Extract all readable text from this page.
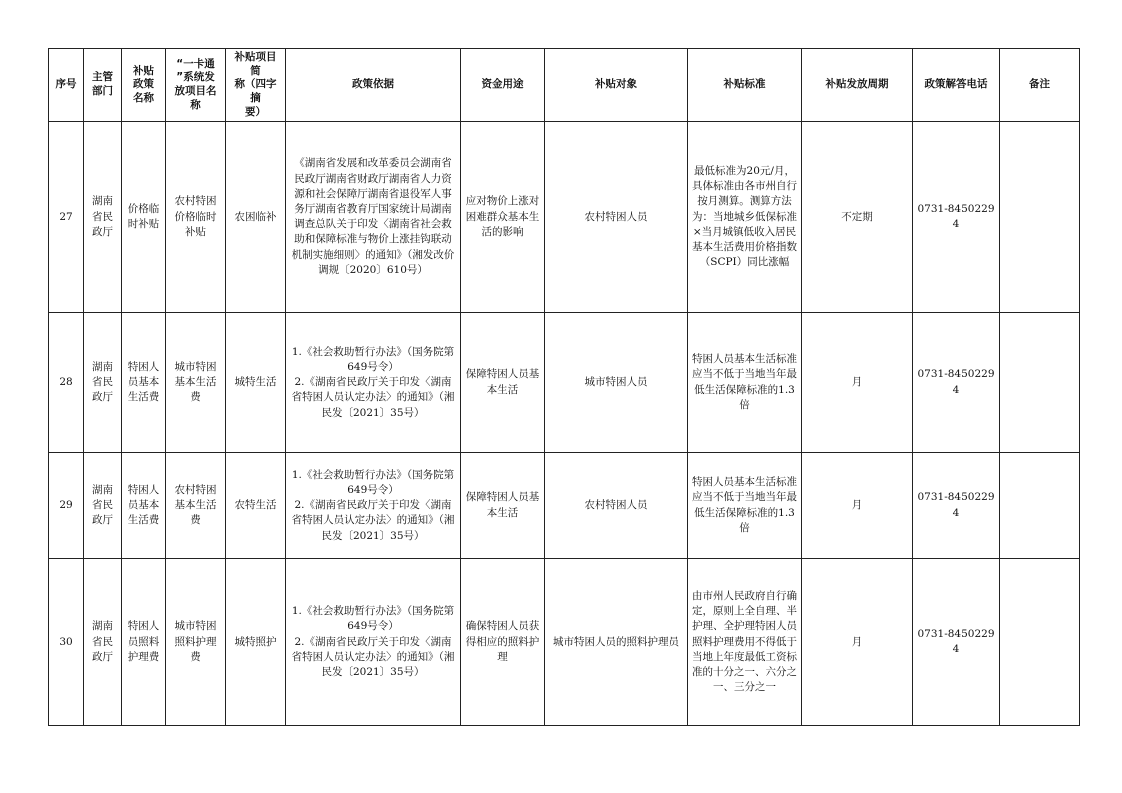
序号	主管
部门	补贴
政策
名称	“一卡通
”系统发
放项目名称	补贴项目简
称（四字摘
要）	政策依据	资金用途	补贴对象	补贴标准	补贴发放周期	政策解答电话	备注
27	湖南
省民
政厅	价格临
时补贴	农村特困
价格临时
补贴	农困临补	《湖南省发展和改革委员会湖南省民政厅湖南省财政厅湖南省人力资源和社会保障厅湖南省退役军人事务厅湖南省教育厅国家统计局湖南调查总队关于印发〈湖南省社会救助和保障标准与物价上涨挂钩联动机制实施细则〉的通知》（湘发改价调规〔2020〕610号）	应对物价上涨对困难群众基本生活的影响	农村特困人员	最低标准为20元/月，具体标准由各市州自行按月测算。测算方法为：当地城乡低保标准×当月城镇低收入居民基本生活费用价格指数（SCPI）同比涨幅	不定期	0731-84502294	
28	湖南
省民
政厅	特困人
员基本
生活费	城市特困
基本生活
费	城特生活	1.《社会救助暂行办法》（国务院第649号令）
2.《湖南省民政厅关于印发〈湖南省特困人员认定办法〉的通知》（湘民发〔2021〕35号）	保障特困人员基本生活	城市特困人员	特困人员基本生活标准应当不低于当地当年最低生活保障标准的1.3倍	月	0731-84502294	
29	湖南
省民
政厅	特困人
员基本
生活费	农村特困
基本生活
费	农特生活	1.《社会救助暂行办法》（国务院第649号令）
2.《湖南省民政厅关于印发〈湖南省特困人员认定办法〉的通知》（湘民发〔2021〕35号）	保障特困人员基本生活	农村特困人员	特困人员基本生活标准应当不低于当地当年最低生活保障标准的1.3倍	月	0731-84502294	
30	湖南
省民
政厅	特困人
员照料
护理费	城市特困
照料护理
费	城特照护	1.《社会救助暂行办法》（国务院第649号令）
2.《湖南省民政厅关于印发〈湖南省特困人员认定办法〉的通知》（湘民发〔2021〕35号）	确保特困人员获得相应的照料护理	城市特困人员的照料护理员	由市州人民政府自行确定，原则上全自理、半护理、全护理特困人员照料护理费用不得低于当地上年度最低工资标准的十分之一、六分之一、三分之一	月	0731-84502294	
